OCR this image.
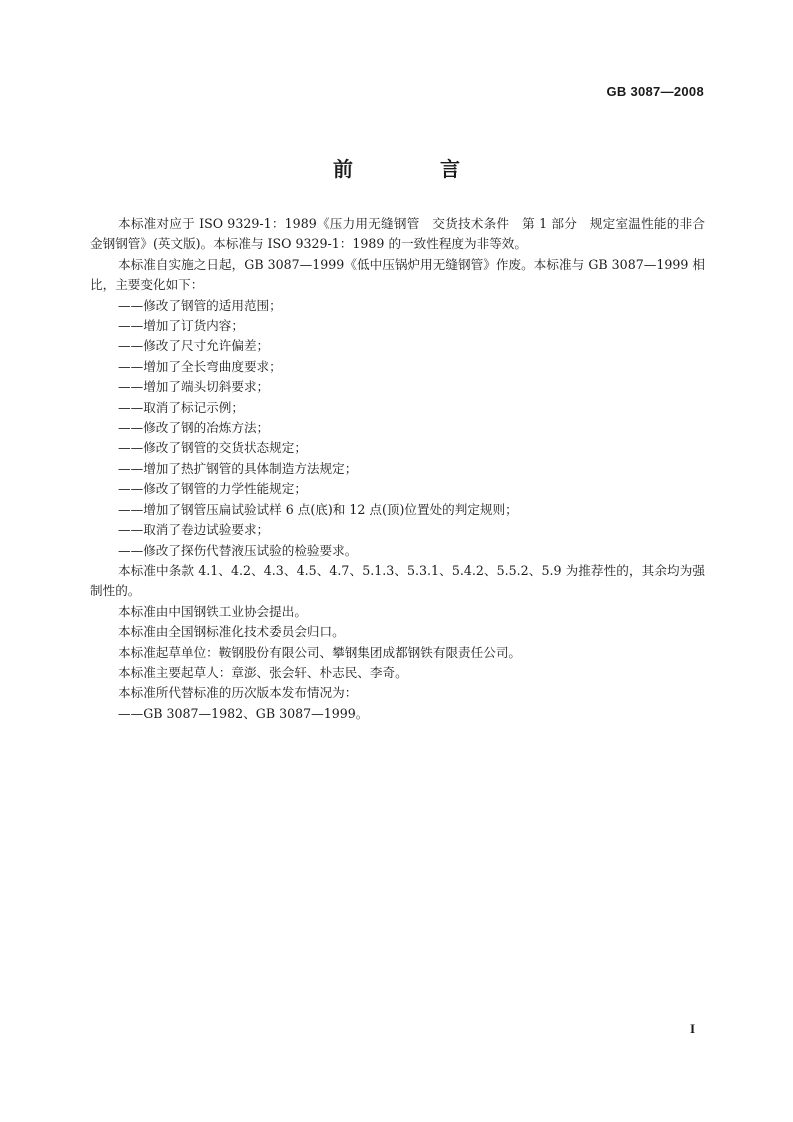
GB 3087—2008
前 言

本标准对应于 ISO 9329-1：1989《压力用无缝钢管　交货技术条件　第 1 部分　规定室温性能的非合金钢钢管》(英文版)。本标准与 ISO 9329-1：1989 的一致性程度为非等效。

本标准自实施之日起，GB 3087—1999《低中压锅炉用无缝钢管》作废。本标准与 GB 3087—1999 相比，主要变化如下：

——修改了钢管的适用范围；

——增加了订货内容；

——修改了尺寸允许偏差；

——增加了全长弯曲度要求；

——增加了端头切斜要求；

——取消了标记示例；

——修改了钢的冶炼方法；

——修改了钢管的交货状态规定；

——增加了热扩钢管的具体制造方法规定；

——修改了钢管的力学性能规定；

——增加了钢管压扁试验试样 6 点(底)和 12 点(顶)位置处的判定规则；

——取消了卷边试验要求；

——修改了探伤代替液压试验的检验要求。

本标准中条款 4.1、4.2、4.3、4.5、4.7、5.1.3、5.3.1、5.4.2、5.5.2、5.9 为推荐性的，其余均为强制性的。

本标准由中国钢铁工业协会提出。

本标准由全国钢标准化技术委员会归口。

本标准起草单位：鞍钢股份有限公司、攀钢集团成都钢铁有限责任公司。

本标准主要起草人：章澎、张会轩、朴志民、李奇。

本标准所代替标准的历次版本发布情况为：

——GB 3087—1982、GB 3087—1999。

I
